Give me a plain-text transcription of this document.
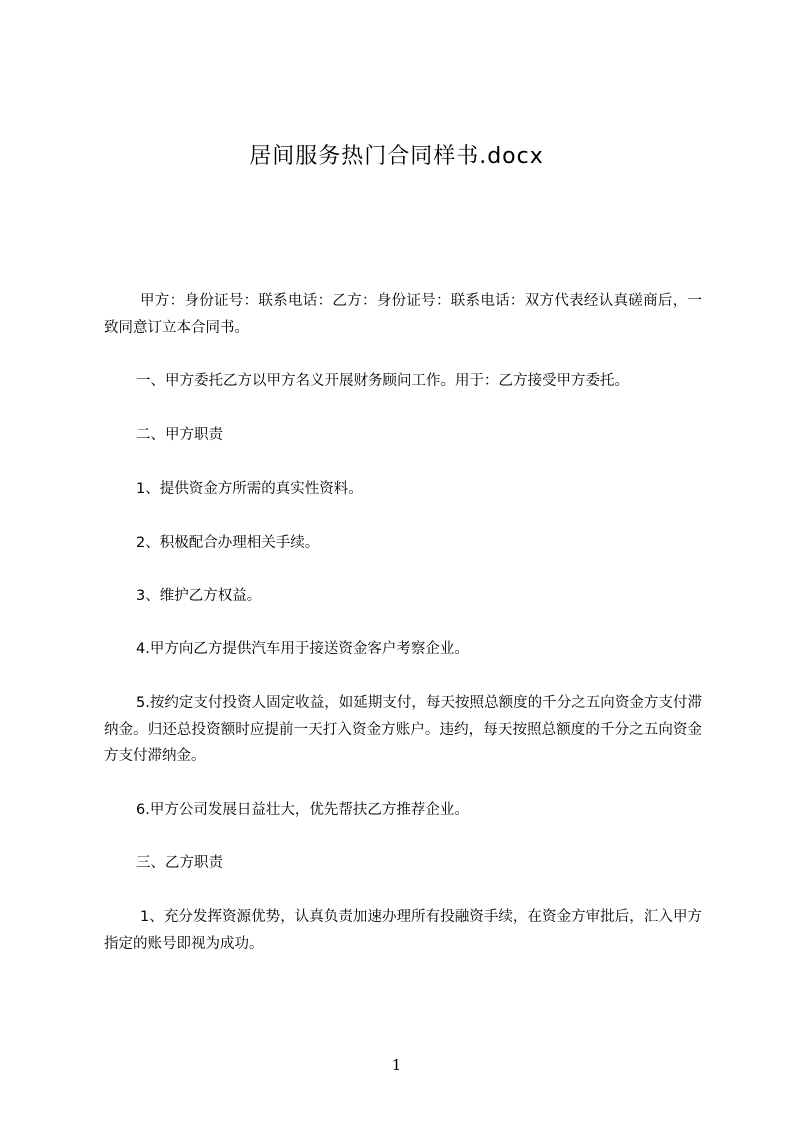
居间服务热门合同样书.docx

甲方：身份证号：联系电话：乙方：身份证号：联系电话：双方代表经认真磋商后，一致同意订立本合同书。

一、甲方委托乙方以甲方名义开展财务顾问工作。用于：乙方接受甲方委托。

二、甲方职责

1、提供资金方所需的真实性资料。

2、积极配合办理相关手续。

3、维护乙方权益。

4.甲方向乙方提供汽车用于接送资金客户考察企业。

5.按约定支付投资人固定收益，如延期支付，每天按照总额度的千分之五向资金方支付滞纳金。归还总投资额时应提前一天打入资金方账户。违约，每天按照总额度的千分之五向资金方支付滞纳金。

6.甲方公司发展日益壮大，优先帮扶乙方推荐企业。

三、乙方职责

1、充分发挥资源优势，认真负责加速办理所有投融资手续，在资金方审批后，汇入甲方指定的账号即视为成功。

1
